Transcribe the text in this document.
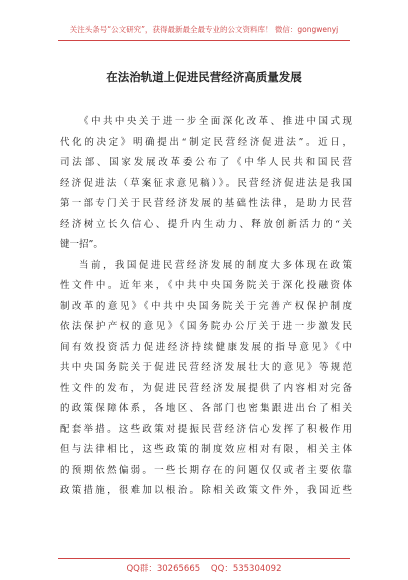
关注头条号“公文研究”，获得最新最全最专业的公文资料库！ 微信：gongwenyj
在法治轨道上促进民营经济高质量发展
《中共中央关于进一步全面深化改革、推进中国式现
代化的决定》明确提出“制定民营经济促进法”。近日，
司法部、国家发展改革委公布了《中华人民共和国民营
经济促进法（草案征求意见稿）》。民营经济促进法是我国
第一部专门关于民营经济发展的基础性法律，是助力民营
经济树立长久信心、提升内生动力、释放创新活力的“关
键一招”。
当前，我国促进民营经济发展的制度大多体现在政策
性文件中。近年来，《中共中央国务院关于深化投融资体
制改革的意见》《中共中央国务院关于完善产权保护制度
依法保护产权的意见》《国务院办公厅关于进一步激发民
间有效投资活力促进经济持续健康发展的指导意见》《中
共中央国务院关于促进民营经济发展壮大的意见》等规范
性文件的发布，为促进民营经济发展提供了内容相对完备
的政策保障体系，各地区、各部门也密集跟进出台了相关
配套举措。这些政策对提振民营经济信心发挥了积极作用
但与法律相比，这些政策的制度效应相对有限，相关主体
的预期依然偏弱。一些长期存在的问题仅仅或者主要依靠
政策措施，很难加以根治。除相关政策文件外，我国近些
QQ群：30265665    QQ：535304092
